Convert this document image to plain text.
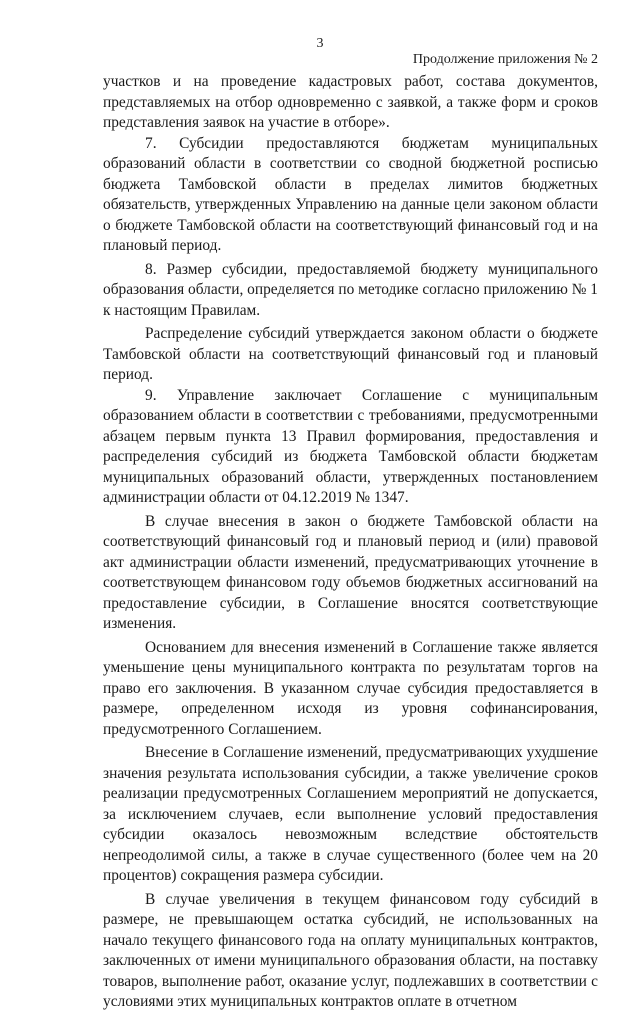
3
Продолжение приложения № 2

участков и на проведение кадастровых работ, состава документов, представляемых на отбор одновременно с заявкой, а также форм и сроков представления заявок на участие в отборе».

7. Субсидии предоставляются бюджетам муниципальных образований области в соответствии со сводной бюджетной росписью бюджета Тамбовской области в пределах лимитов бюджетных обязательств, утвержденных Управлению на данные цели законом области о бюджете Тамбовской области на соответствующий финансовый год и на плановый период.

8. Размер субсидии, предоставляемой бюджету муниципального образования области, определяется по методике согласно приложению № 1 к настоящим Правилам.

Распределение субсидий утверждается законом области о бюджете Тамбовской области на соответствующий финансовый год и плановый период.

9. Управление заключает Соглашение с муниципальным образованием области в соответствии с требованиями, предусмотренными абзацем первым пункта 13 Правил формирования, предоставления и распределения субсидий из бюджета Тамбовской области бюджетам муниципальных образований области, утвержденных постановлением администрации области от 04.12.2019 № 1347.

В случае внесения в закон о бюджете Тамбовской области на соответствующий финансовый год и плановый период и (или) правовой акт администрации области изменений, предусматривающих уточнение в соответствующем финансовом году объемов бюджетных ассигнований на предоставление субсидии, в Соглашение вносятся соответствующие изменения.

Основанием для внесения изменений в Соглашение также является уменьшение цены муниципального контракта по результатам торгов на право его заключения. В указанном случае субсидия предоставляется в размере, определенном исходя из уровня софинансирования, предусмотренного Соглашением.

Внесение в Соглашение изменений, предусматривающих ухудшение значения результата использования субсидии, а также увеличение сроков реализации предусмотренных Соглашением мероприятий не допускается, за исключением случаев, если выполнение условий предоставления субсидии оказалось невозможным вследствие обстоятельств непреодолимой силы, а также в случае существенного (более чем на 20 процентов) сокращения размера субсидии.

В случае увеличения в текущем финансовом году субсидий в размере, не превышающем остатка субсидий, не использованных на начало текущего финансового года на оплату муниципальных контрактов, заключенных от имени муниципального образования области, на поставку товаров, выполнение работ, оказание услуг, подлежавших в соответствии с условиями этих муниципальных контрактов оплате в отчетном
